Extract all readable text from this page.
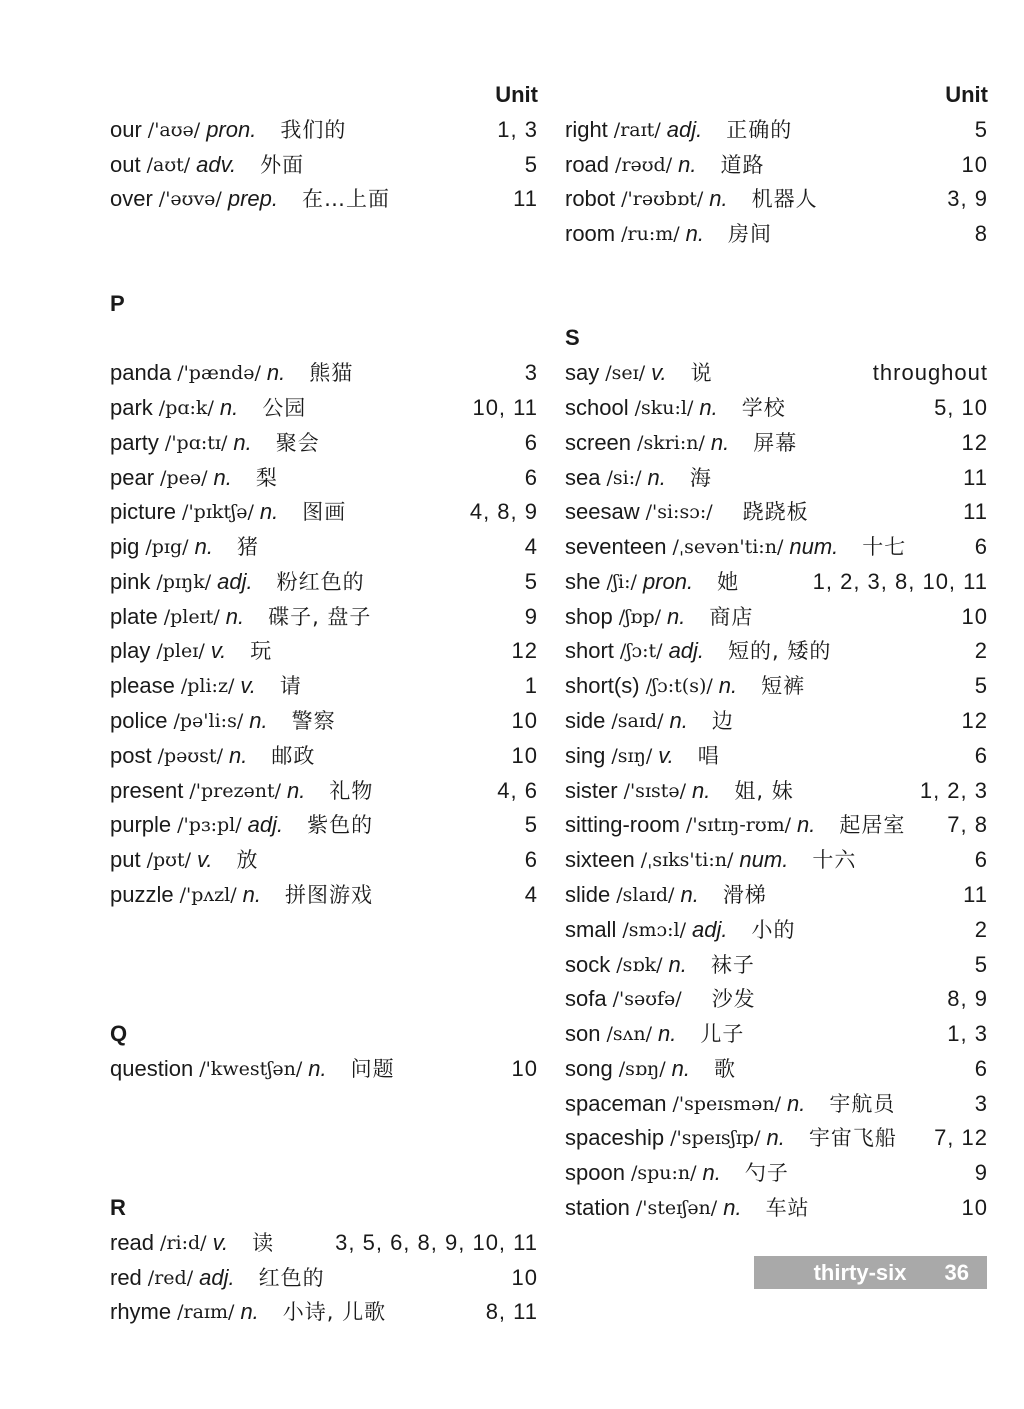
Unit
our /'aʊə/ pron. 我们的	1, 3
out /aʊt/ adv. 外面	5
over /'əʊvə/ prep. 在…上面	11
P
panda /'pændə/ n. 熊猫	3
park /pɑ:k/ n. 公园	10, 11
party /'pɑ:tɪ/ n. 聚会	6
pear /peə/ n. 梨	6
picture /'pɪktʃə/ n. 图画	4, 8, 9
pig /pɪg/ n. 猪	4
pink /pɪŋk/ adj. 粉红色的	5
plate /pleɪt/ n. 碟子, 盘子	9
play /pleɪ/ v. 玩	12
please /pli:z/ v. 请	1
police /pə'li:s/ n. 警察	10
post /pəʊst/ n. 邮政	10
present /'prezənt/ n. 礼物	4, 6
purple /'pɜ:pl/ adj. 紫色的	5
put /pʊt/ v. 放	6
puzzle /'pʌzl/ n. 拼图游戏	4
Q
question /'kwestʃən/ n. 问题	10
R
read /ri:d/ v. 读	3, 5, 6, 8, 9, 10, 11
red /red/ adj. 红色的	10
rhyme /raɪm/ n. 小诗, 儿歌	8, 11
Unit
right /raɪt/ adj. 正确的	5
road /rəʊd/ n. 道路	10
robot /'rəʊbɒt/ n. 机器人	3, 9
room /ru:m/ n. 房间	8
S
say /seɪ/ v. 说	throughout
school /sku:l/ n. 学校	5, 10
screen /skri:n/ n. 屏幕	12
sea /si:/ n. 海	11
seesaw /'si:sɔ:/ 跷跷板	11
seventeen /ˌsevən'ti:n/ num. 十七	6
she /ʃi:/ pron. 她	1, 2, 3, 8, 10, 11
shop /ʃɒp/ n. 商店	10
short /ʃɔ:t/ adj. 短的, 矮的	2
short(s) /ʃɔ:t(s)/ n. 短裤	5
side /saɪd/ n. 边	12
sing /sɪŋ/ v. 唱	6
sister /'sɪstə/ n. 姐, 妹	1, 2, 3
sitting-room /'sɪtɪŋ-rʊm/ n. 起居室	7, 8
sixteen /ˌsɪks'ti:n/ num. 十六	6
slide /slaɪd/ n. 滑梯	11
small /smɔ:l/ adj. 小的	2
sock /sɒk/ n. 袜子	5
sofa /'səʊfə/ 沙发	8, 9
son /sʌn/ n. 儿子	1, 3
song /sɒŋ/ n. 歌	6
spaceman /'speɪsmən/ n. 宇航员	3
spaceship /'speɪsʃɪp/ n. 宇宙飞船	7, 12
spoon /spu:n/ n. 勺子	9
station /'steɪʃən/ n. 车站	10
thirty-six 36
